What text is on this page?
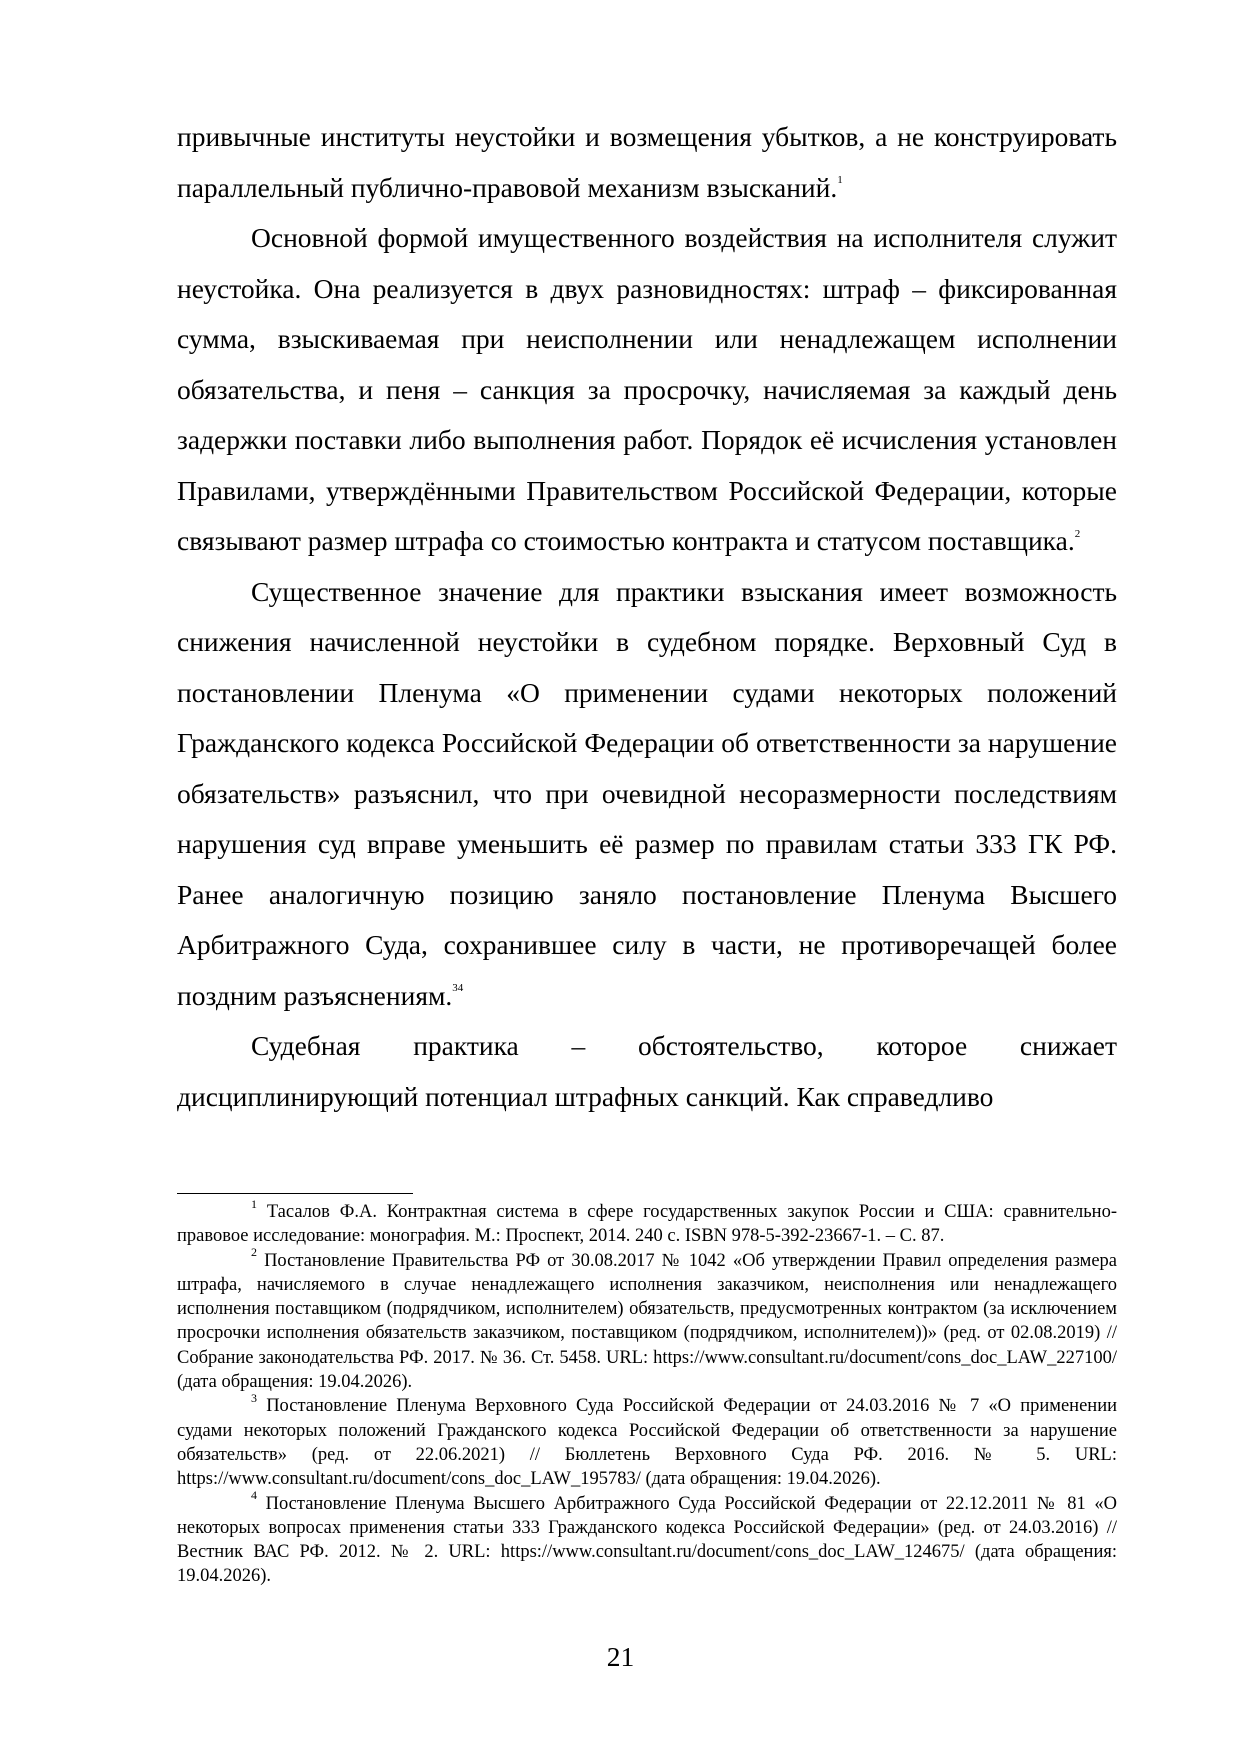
привычные институты неустойки и возмещения убытков, а не конструировать параллельный публично-правовой механизм взысканий.$^1$

Основной формой имущественного воздействия на исполнителя служит неустойка. Она реализуется в двух разновидностях: штраф – фиксированная сумма, взыскиваемая при неисполнении или ненадлежащем исполнении обязательства, и пеня – санкция за просрочку, начисляемая за каждый день задержки поставки либо выполнения работ. Порядок её исчисления установлен Правилами, утверждёнными Правительством Российской Федерации, которые связывают размер штрафа со стоимостью контракта и статусом поставщика.$^2$

Существенное значение для практики взыскания имеет возможность снижения начисленной неустойки в судебном порядке. Верховный Суд в постановлении Пленума «О применении судами некоторых положений Гражданского кодекса Российской Федерации об ответственности за нарушение обязательств» разъяснил, что при очевидной несоразмерности последствиям нарушения суд вправе уменьшить её размер по правилам статьи 333 ГК РФ. Ранее аналогичную позицию заняло постановление Пленума Высшего Арбитражного Суда, сохранившее силу в части, не противоречащей более поздним разъяснениям.$^{34}$

Судебная практика – обстоятельство, которое снижает дисциплинирующий потенциал штрафных санкций. Как справедливо

$^1$ Тасалов Ф.А. Контрактная система в сфере государственных закупок России и США: сравнительно-правовое исследование: монография. М.: Проспект, 2014. 240 с. ISBN 978-5-392-23667-1. – С. 87.

$^2$ Постановление Правительства РФ от 30.08.2017 № 1042 «Об утверждении Правил определения размера штрафа, начисляемого в случае ненадлежащего исполнения заказчиком, неисполнения или ненадлежащего исполнения поставщиком (подрядчиком, исполнителем) обязательств, предусмотренных контрактом (за исключением просрочки исполнения обязательств заказчиком, поставщиком (подрядчиком, исполнителем))» (ред. от 02.08.2019) // Собрание законодательства РФ. 2017. № 36. Ст. 5458. URL: https://www.consultant.ru/document/cons_doc_LAW_227100/ (дата обращения: 19.04.2026).

$^3$ Постановление Пленума Верховного Суда Российской Федерации от 24.03.2016 № 7 «О применении судами некоторых положений Гражданского кодекса Российской Федерации об ответственности за нарушение обязательств» (ред. от 22.06.2021) // Бюллетень Верховного Суда РФ. 2016. № 5. URL: https://www.consultant.ru/document/cons_doc_LAW_195783/ (дата обращения: 19.04.2026).

$^4$ Постановление Пленума Высшего Арбитражного Суда Российской Федерации от 22.12.2011 № 81 «О некоторых вопросах применения статьи 333 Гражданского кодекса Российской Федерации» (ред. от 24.03.2016) // Вестник ВАС РФ. 2012. № 2. URL: https://www.consultant.ru/document/cons_doc_LAW_124675/ (дата обращения: 19.04.2026).

21
